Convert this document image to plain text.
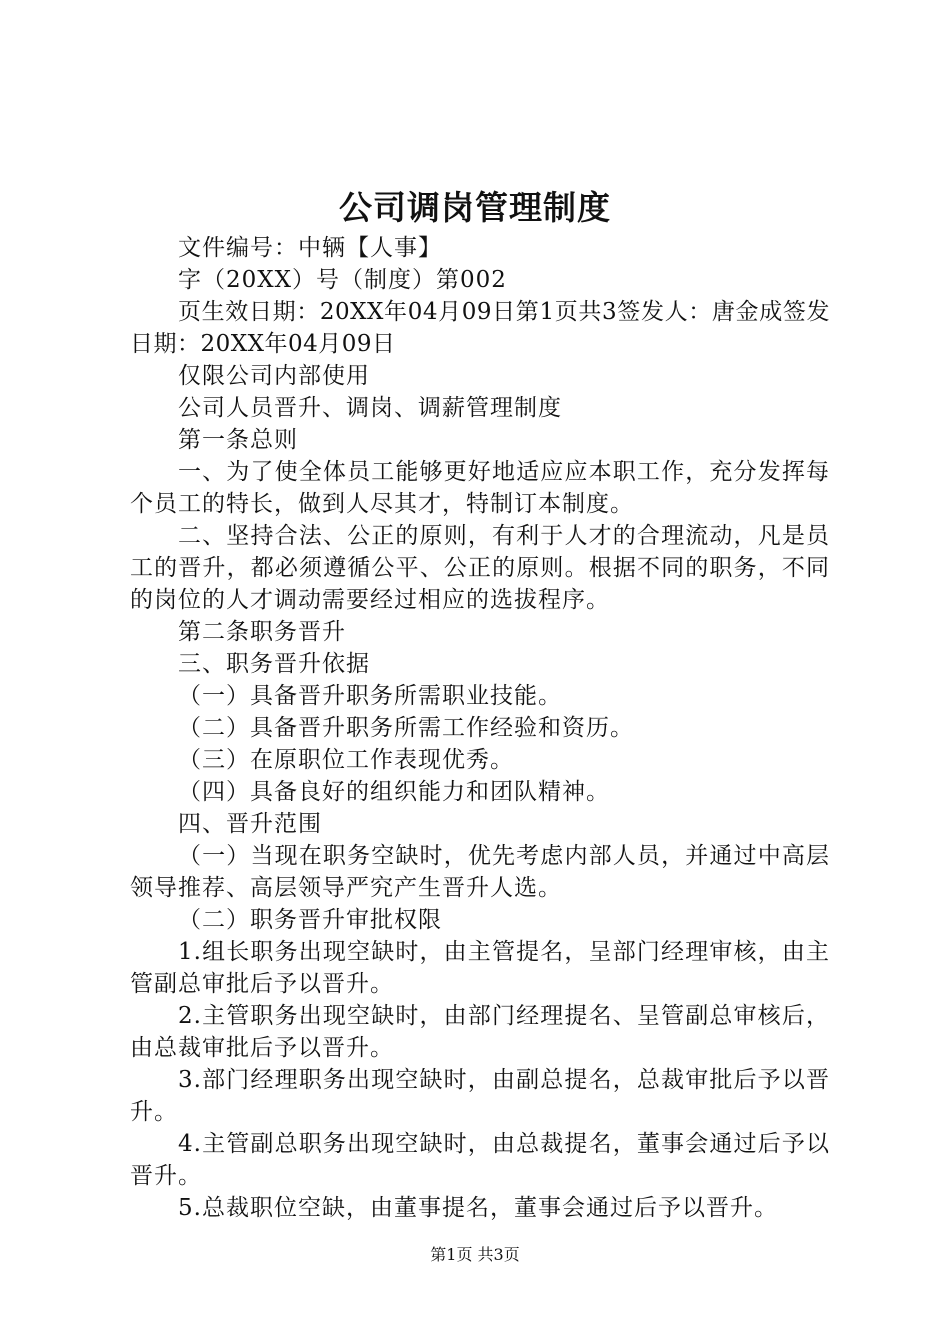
公司调岗管理制度

文件编号：中辆【人事】

字（20XX）号（制度）第002

页生效日期：20XX年04月09日第1页共3签发人：唐金成签发日期：20XX年04月09日

仅限公司内部使用

公司人员晋升、调岗、调薪管理制度

第一条总则

一、为了使全体员工能够更好地适应应本职工作，充分发挥每个员工的特长，做到人尽其才，特制订本制度。

二、坚持合法、公正的原则，有利于人才的合理流动，凡是员工的晋升，都必须遵循公平、公正的原则。根据不同的职务，不同的岗位的人才调动需要经过相应的选拔程序。

第二条职务晋升

三、职务晋升依据

（一）具备晋升职务所需职业技能。

（二）具备晋升职务所需工作经验和资历。

（三）在原职位工作表现优秀。

（四）具备良好的组织能力和团队精神。

四、晋升范围

（一）当现在职务空缺时，优先考虑内部人员，并通过中高层领导推荐、高层领导严究产生晋升人选。

（二）职务晋升审批权限

1.组长职务出现空缺时，由主管提名，呈部门经理审核，由主管副总审批后予以晋升。

2.主管职务出现空缺时，由部门经理提名、呈管副总审核后，由总裁审批后予以晋升。

3.部门经理职务出现空缺时，由副总提名，总裁审批后予以晋升。

4.主管副总职务出现空缺时，由总裁提名，董事会通过后予以晋升。

5.总裁职位空缺，由董事提名，董事会通过后予以晋升。

第1页 共3页
